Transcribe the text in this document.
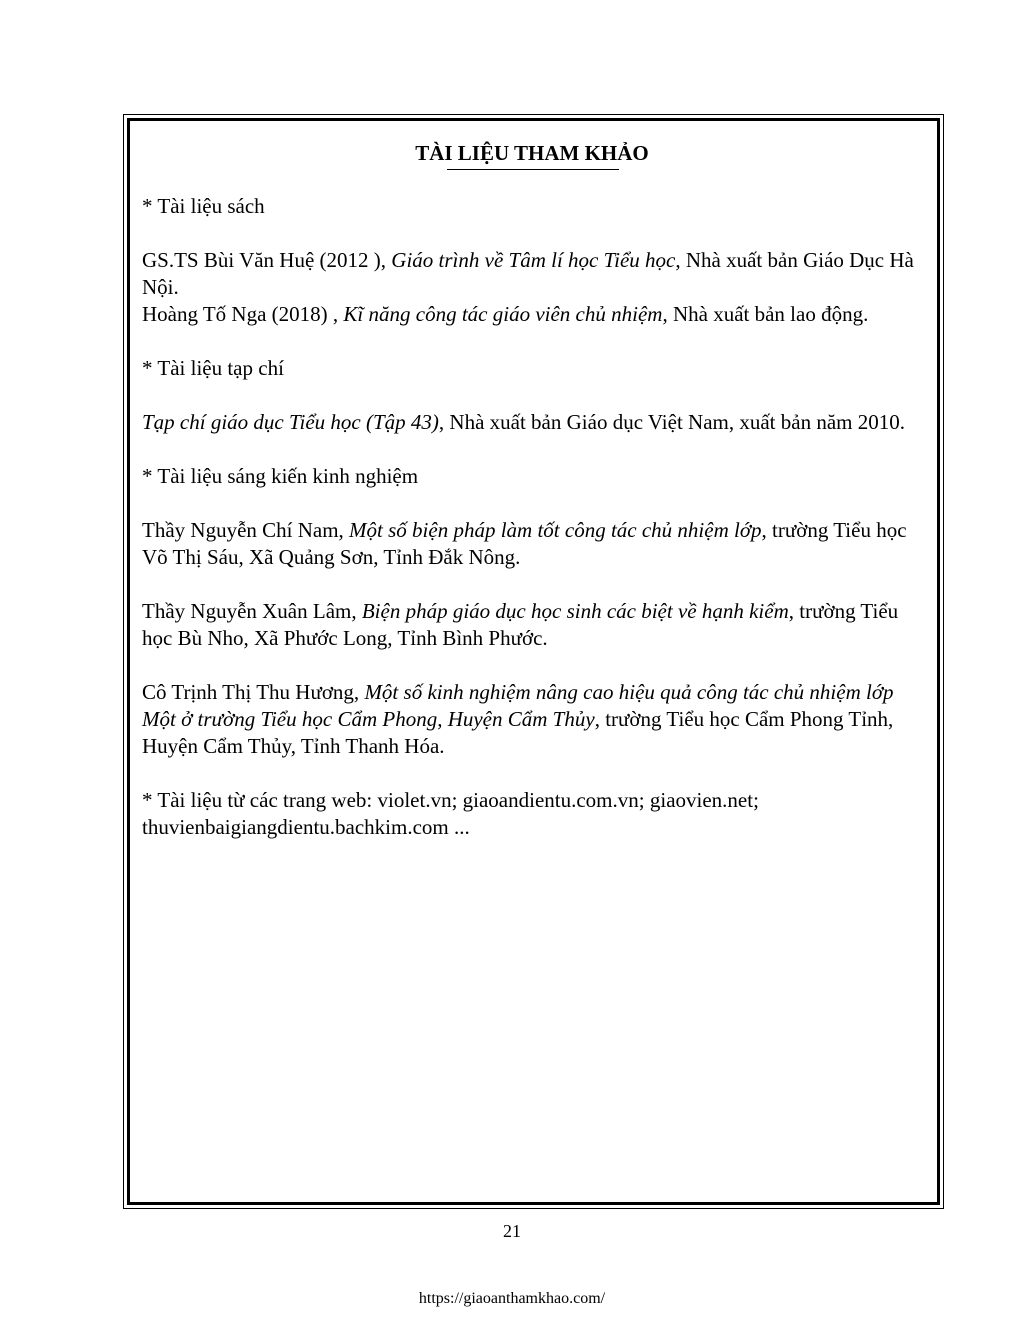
TÀI LIỆU THAM KHẢO

* Tài liệu sách

GS.TS Bùi Văn Huệ (2012 ), Giáo trình về Tâm lí học Tiểu học, Nhà xuất bản Giáo Dục Hà Nội.

Hoàng Tố Nga (2018) , Kĩ năng công tác giáo viên chủ nhiệm, Nhà xuất bản lao động.

* Tài liệu tạp chí

Tạp chí giáo dục Tiểu học (Tập 43), Nhà xuất bản Giáo dục Việt Nam, xuất bản năm 2010.

* Tài liệu sáng kiến kinh nghiệm

Thầy Nguyễn Chí Nam, Một số biện pháp làm tốt công tác chủ nhiệm lớp, trường Tiểu học Võ Thị Sáu, Xã Quảng Sơn, Tỉnh Đắk Nông.

Thầy Nguyễn Xuân Lâm, Biện pháp giáo dục học sinh các biệt về hạnh kiểm, trường Tiểu học Bù Nho, Xã Phước Long, Tỉnh Bình Phước.

Cô Trịnh Thị Thu Hương, Một số kinh nghiệm nâng cao hiệu quả công tác chủ nhiệm lớp Một ở trường Tiểu học Cẩm Phong, Huyện Cẩm Thủy, trường Tiểu học Cẩm Phong Tỉnh, Huyện Cẩm Thủy, Tỉnh Thanh Hóa.

* Tài liệu từ các trang web: violet.vn; giaoandientu.com.vn; giaovien.net;

thuvienbaigiangdientu.bachkim.com ...

21
https://giaoanthamkhao.com/
